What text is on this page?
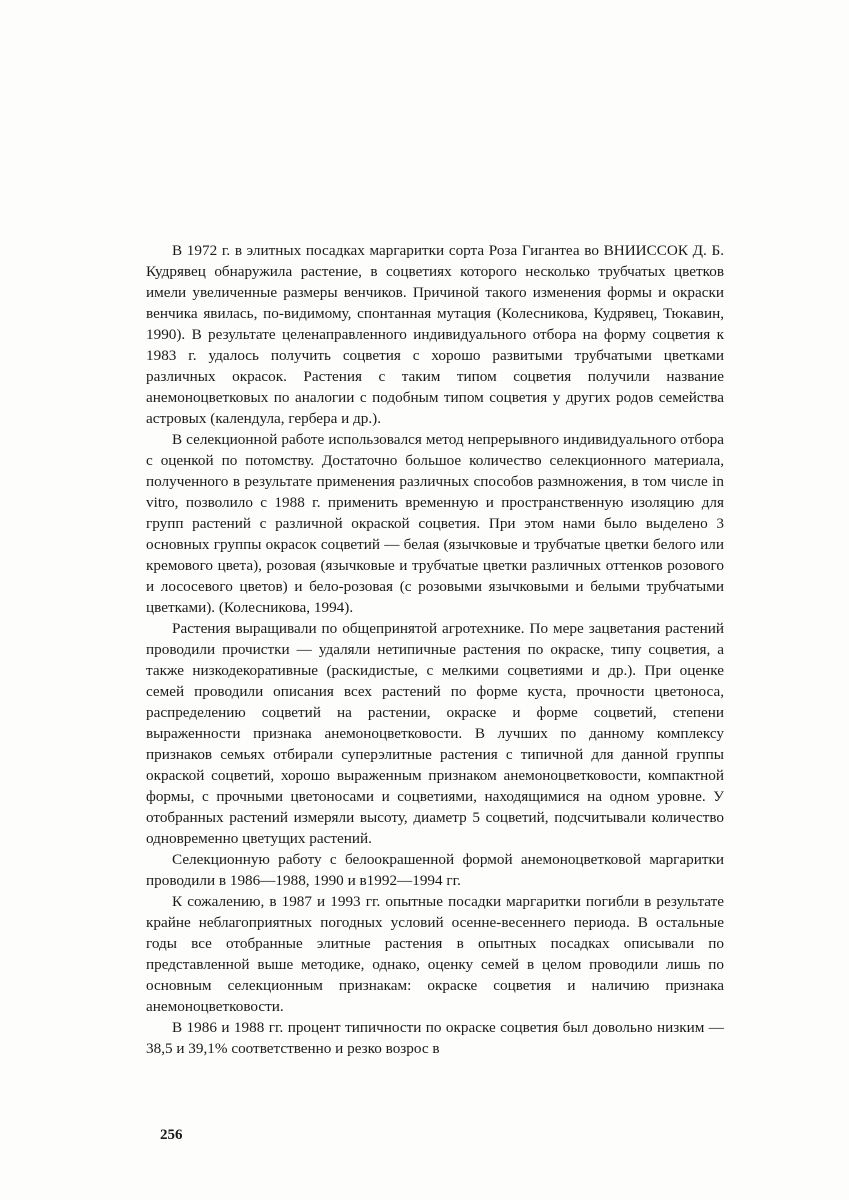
В 1972 г. в элитных посадках маргаритки сорта Роза Гигантеа во ВНИИССОК Д. Б. Кудрявец обнаружила растение, в соцветиях которого несколько трубчатых цветков имели увеличенные размеры венчиков. Причиной такого изменения формы и окраски венчика явилась, по-видимому, спонтанная мутация (Колесникова, Кудрявец, Тюкавин, 1990). В результате целенаправленного индивидуального отбора на форму соцветия к 1983 г. удалось получить соцветия с хорошо развитыми трубчатыми цветками различных окрасок. Растения с таким типом соцветия получили название анемоноцветковых по аналогии с подобным типом соцветия у других родов семейства астровых (календула, гербера и др.).

В селекционной работе использовался метод непрерывного индивидуального отбора с оценкой по потомству. Достаточно большое количество селекционного материала, полученного в результате применения различных способов размножения, в том числе in vitro, позволило с 1988 г. применить временную и пространственную изоляцию для групп растений с различной окраской соцветия. При этом нами было выделено 3 основных группы окрасок соцветий — белая (язычковые и трубчатые цветки белого или кремового цвета), розовая (язычковые и трубчатые цветки различных оттенков розового и лососевого цветов) и бело-розовая (с розовыми язычковыми и белыми трубчатыми цветками). (Колесникова, 1994).

Растения выращивали по общепринятой агротехнике. По мере зацветания растений проводили прочистки — удаляли нетипичные растения по окраске, типу соцветия, а также низкодекоративные (раскидистые, с мелкими соцветиями и др.). При оценке семей проводили описания всех растений по форме куста, прочности цветоноса, распределению соцветий на растении, окраске и форме соцветий, степени выраженности признака анемоноцветковости. В лучших по данному комплексу признаков семьях отбирали суперэлитные растения с типичной для данной группы окраской соцветий, хорошо выраженным признаком анемоноцветковости, компактной формы, с прочными цветоносами и соцветиями, находящимися на одном уровне. У отобранных растений измеряли высоту, диаметр 5 соцветий, подсчитывали количество одновременно цветущих растений.

Селекционную работу с белоокрашенной формой анемоноцветковой маргаритки проводили в 1986—1988, 1990 и в1992—1994 гг.

К сожалению, в 1987 и 1993 гг. опытные посадки маргаритки погибли в результате крайне неблагоприятных погодных условий осенне-весеннего периода. В остальные годы все отобранные элитные растения в опытных посадках описывали по представленной выше методике, однако, оценку семей в целом проводили лишь по основным селекционным признакам: окраске соцветия и наличию признака анемоноцветковости.

В 1986 и 1988 гг. процент типичности по окраске соцветия был довольно низким — 38,5 и 39,1% соответственно и резко возрос в

256
